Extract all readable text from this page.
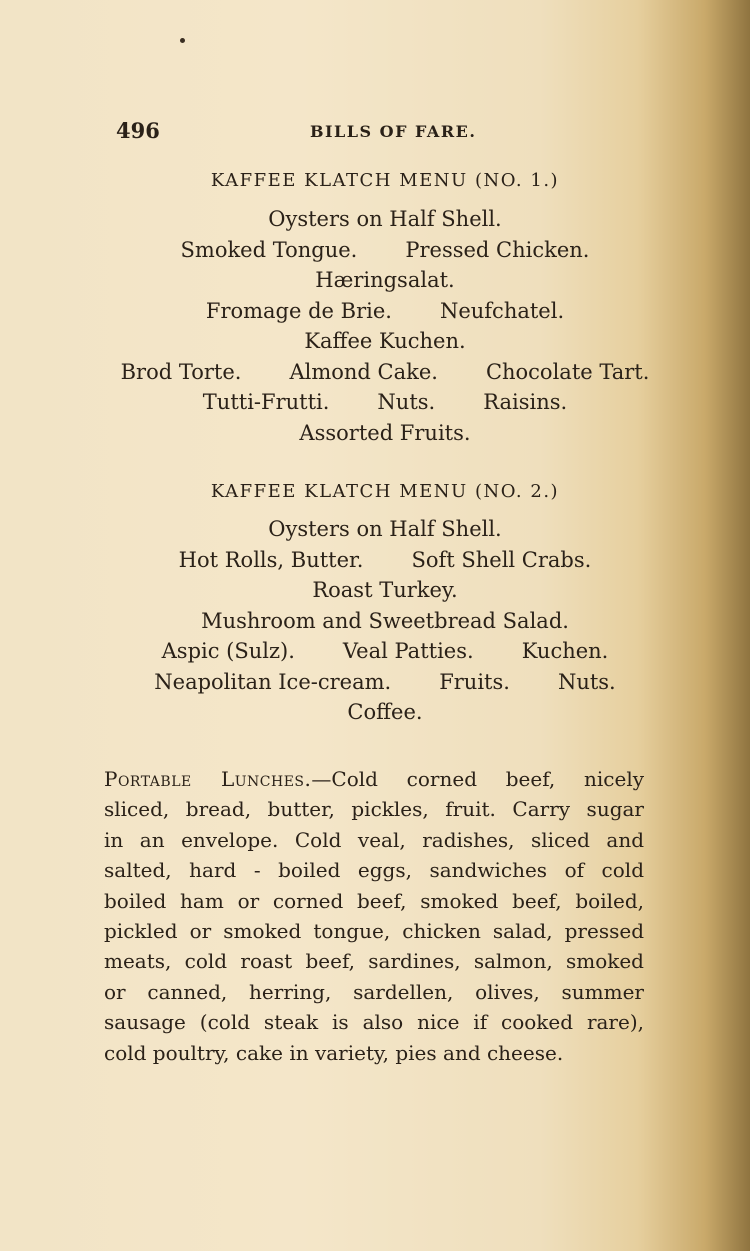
496	BILLS OF FARE.
KAFFEE KLATCH MENU (NO. 1.)
Oysters on Half Shell.
Smoked Tongue. Pressed Chicken.
Hæringsalat.
Fromage de Brie. Neufchatel.
Kaffee Kuchen.
Brod Torte. Almond Cake. Chocolate Tart.
Tutti-Frutti. Nuts. Raisins.
Assorted Fruits.
KAFFEE KLATCH MENU (NO. 2.)
Oysters on Half Shell.
Hot Rolls, Butter. Soft Shell Crabs.
Roast Turkey.
Mushroom and Sweetbread Salad.
Aspic (Sulz). Veal Patties. Kuchen.
Neapolitan Ice-cream. Fruits. Nuts.
Coffee.
Portable Lunches.—Cold corned beef, nicely
sliced, bread, butter, pickles, fruit. Carry sugar
in an envelope. Cold veal, radishes, sliced and
salted, hard - boiled eggs, sandwiches of cold
boiled ham or corned beef, smoked beef, boiled,
pickled or smoked tongue, chicken salad, pressed
meats, cold roast beef, sardines, salmon, smoked
or canned, herring, sardellen, olives, summer
sausage (cold steak is also nice if cooked rare),
cold poultry, cake in variety, pies and cheese.
